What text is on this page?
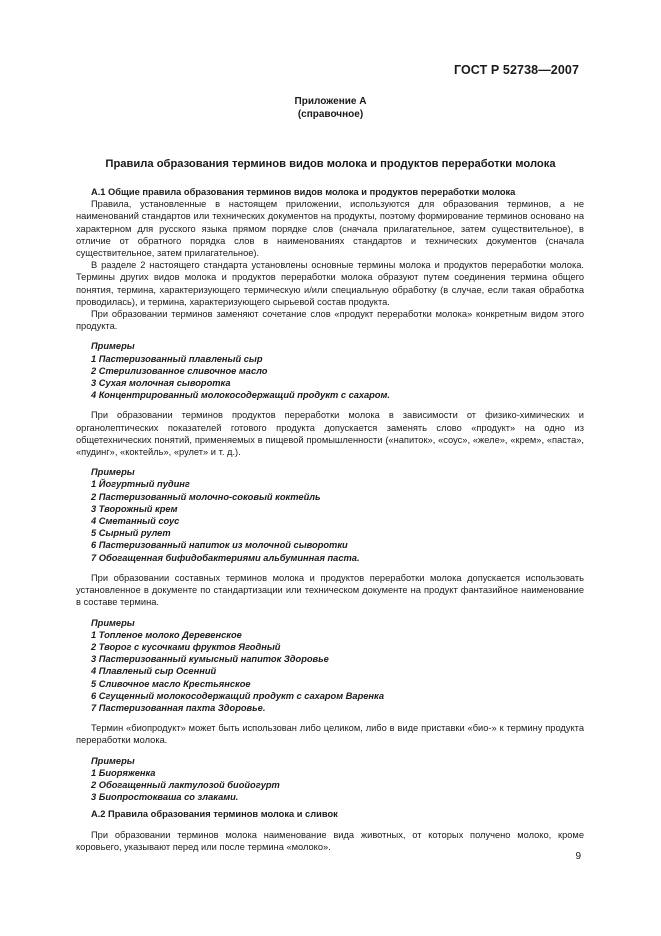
ГОСТ Р 52738—2007
Приложение А
(справочное)
Правила образования терминов видов молока и продуктов переработки молока

А.1 Общие правила образования терминов видов молока и продуктов переработки молока

Правила, установленные в настоящем приложении, используются для образования терминов, а не наименований стандартов или технических документов на продукты, поэтому формирование терминов основано на характерном для русского языка прямом порядке слов (сначала прилагательное, затем существительное), в отличие от обратного порядка слов в наименованиях стандартов и технических документов (сначала существительное, затем прилагательное).

В разделе 2 настоящего стандарта установлены основные термины молока и продуктов переработки молока. Термины других видов молока и продуктов переработки молока образуют путем соединения термина общего понятия, термина, характеризующего термическую и/или специальную обработку (в случае, если такая обработка проводилась), и термина, характеризующего сырьевой состав продукта.

При образовании терминов заменяют сочетание слов «продукт переработки молока» конкретным видом этого продукта.

Примеры

1 Пастеризованный плавленый сыр
2 Стерилизованное сливочное масло
3 Сухая молочная сыворотка
4 Концентрированный молокосодержащий продукт с сахаром.

При образовании терминов продуктов переработки молока в зависимости от физико-химических и органолептических показателей готового продукта допускается заменять слово «продукт» на одно из общетехнических понятий, применяемых в пищевой промышленности («напиток», «соус», «желе», «крем», «паста», «пудинг», «коктейль», «рулет» и т. д.).

Примеры

1 Йогуртный пудинг
2 Пастеризованный молочно-соковый коктейль
3 Творожный крем
4 Сметанный соус
5 Сырный рулет
6 Пастеризованный напиток из молочной сыворотки
7 Обогащенная бифидобактериями альбуминная паста.

При образовании составных терминов молока и продуктов переработки молока допускается использовать установленное в документе по стандартизации или техническом документе на продукт фантазийное наименование в составе термина.

Примеры

1 Топленое молоко Деревенское
2 Творог с кусочками фруктов Ягодный
3 Пастеризованный кумысный напиток Здоровье
4 Плавленый сыр Осенний
5 Сливочное масло Крестьянское
6 Сгущенный молокосодержащий продукт с сахаром Варенка
7 Пастеризованная пахта Здоровье.

Термин «биопродукт» может быть использован либо целиком, либо в виде приставки «био-» к термину продукта переработки молока.

Примеры

1 Биоряженка
2 Обогащенный лактулозой биойогурт
3 Биопростокваша со злаками.

А.2 Правила образования терминов молока и сливок

При образовании терминов молока наименование вида животных, от которых получено молоко, кроме коровьего, указывают перед или после термина «молоко».

9
